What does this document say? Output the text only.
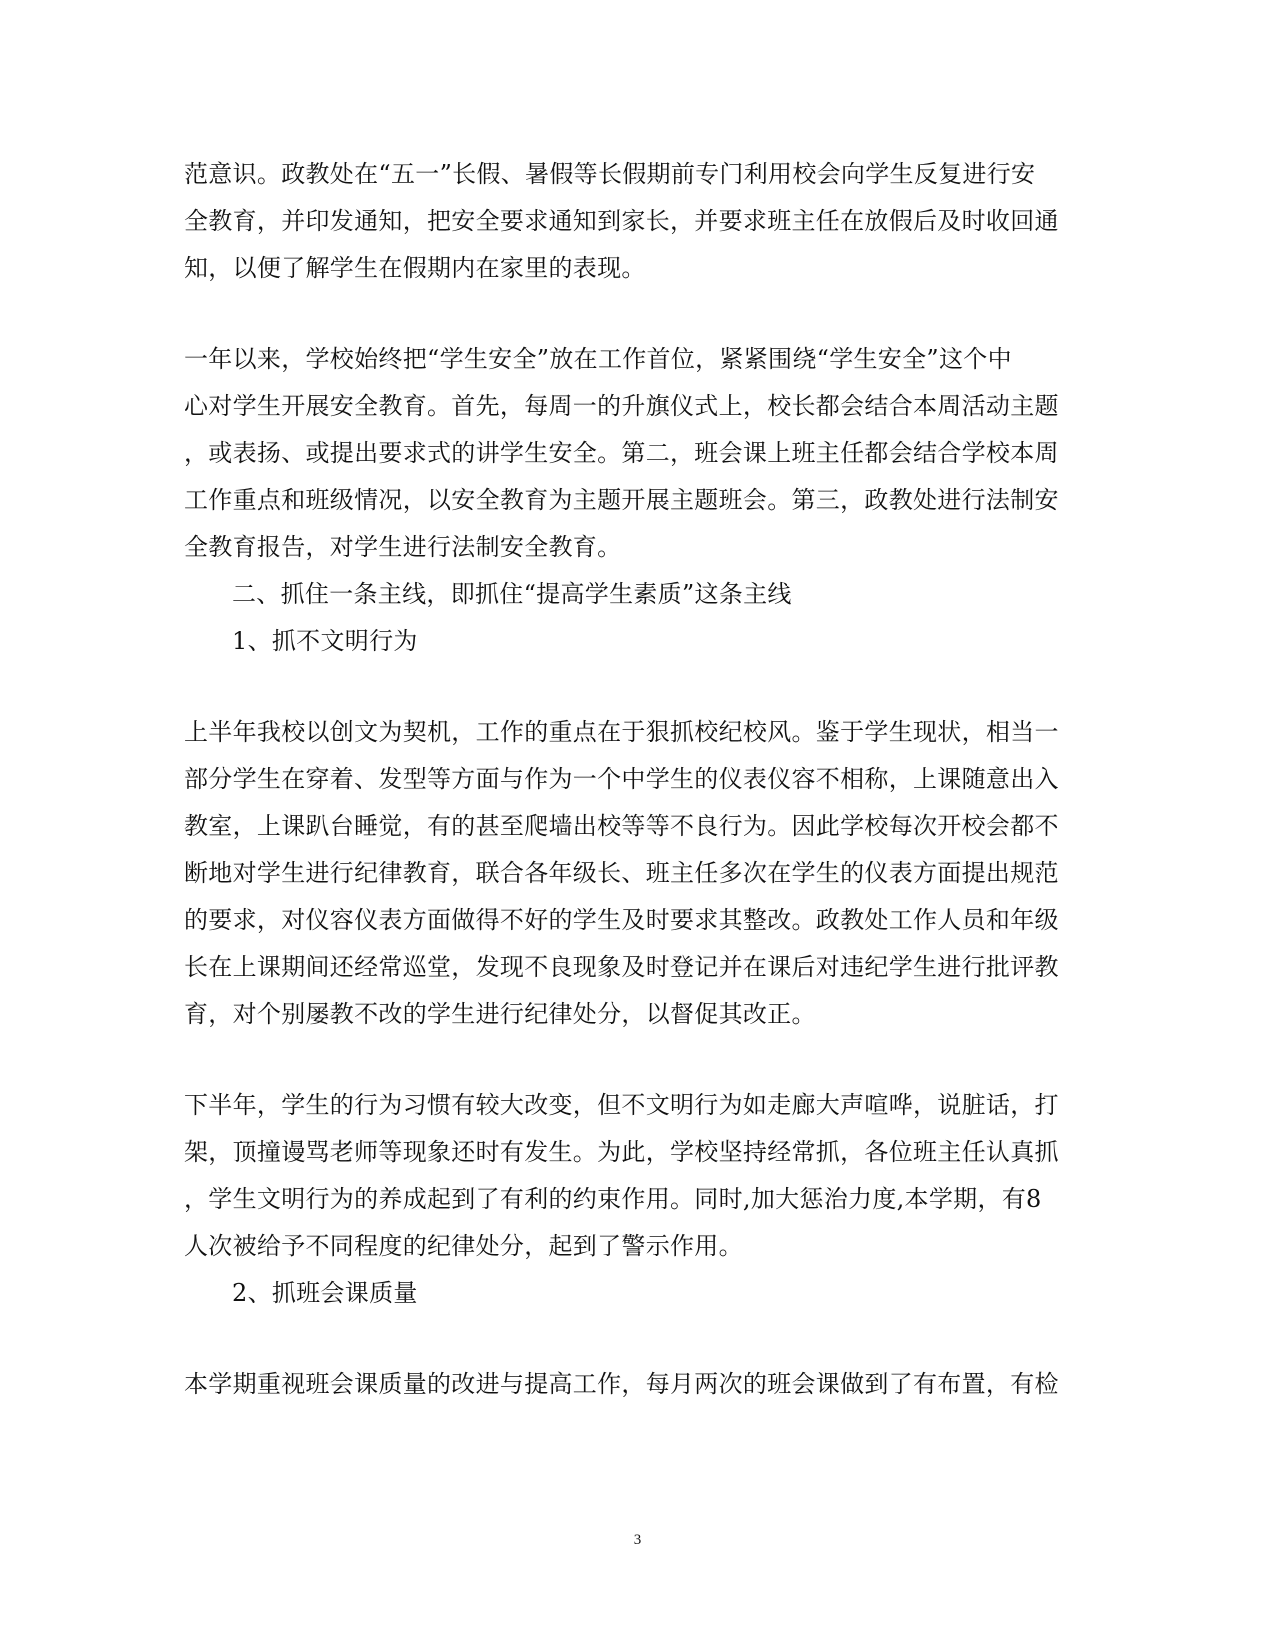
范意识。政教处在“五一”长假、暑假等长假期前专门利用校会向学生反复进行安
全教育，并印发通知，把安全要求通知到家长，并要求班主任在放假后及时收回通
知，以便了解学生在假期内在家里的表现。
一年以来，学校始终把“学生安全”放在工作首位，紧紧围绕“学生安全”这个中
心对学生开展安全教育。首先，每周一的升旗仪式上，校长都会结合本周活动主题
，或表扬、或提出要求式的讲学生安全。第二，班会课上班主任都会结合学校本周
工作重点和班级情况，以安全教育为主题开展主题班会。第三，政教处进行法制安
全教育报告，对学生进行法制安全教育。
二、抓住一条主线，即抓住“提高学生素质”这条主线
1、抓不文明行为
上半年我校以创文为契机，工作的重点在于狠抓校纪校风。鉴于学生现状，相当一
部分学生在穿着、发型等方面与作为一个中学生的仪表仪容不相称，上课随意出入
教室，上课趴台睡觉，有的甚至爬墙出校等等不良行为。因此学校每次开校会都不
断地对学生进行纪律教育，联合各年级长、班主任多次在学生的仪表方面提出规范
的要求，对仪容仪表方面做得不好的学生及时要求其整改。政教处工作人员和年级
长在上课期间还经常巡堂，发现不良现象及时登记并在课后对违纪学生进行批评教
育，对个别屡教不改的学生进行纪律处分，以督促其改正。
下半年，学生的行为习惯有较大改变，但不文明行为如走廊大声喧哗，说脏话，打
架，顶撞谩骂老师等现象还时有发生。为此，学校坚持经常抓，各位班主任认真抓
，学生文明行为的养成起到了有利的约束作用。同时,加大惩治力度,本学期，有8
人次被给予不同程度的纪律处分，起到了警示作用。
2、抓班会课质量
本学期重视班会课质量的改进与提高工作，每月两次的班会课做到了有布置，有检
3
